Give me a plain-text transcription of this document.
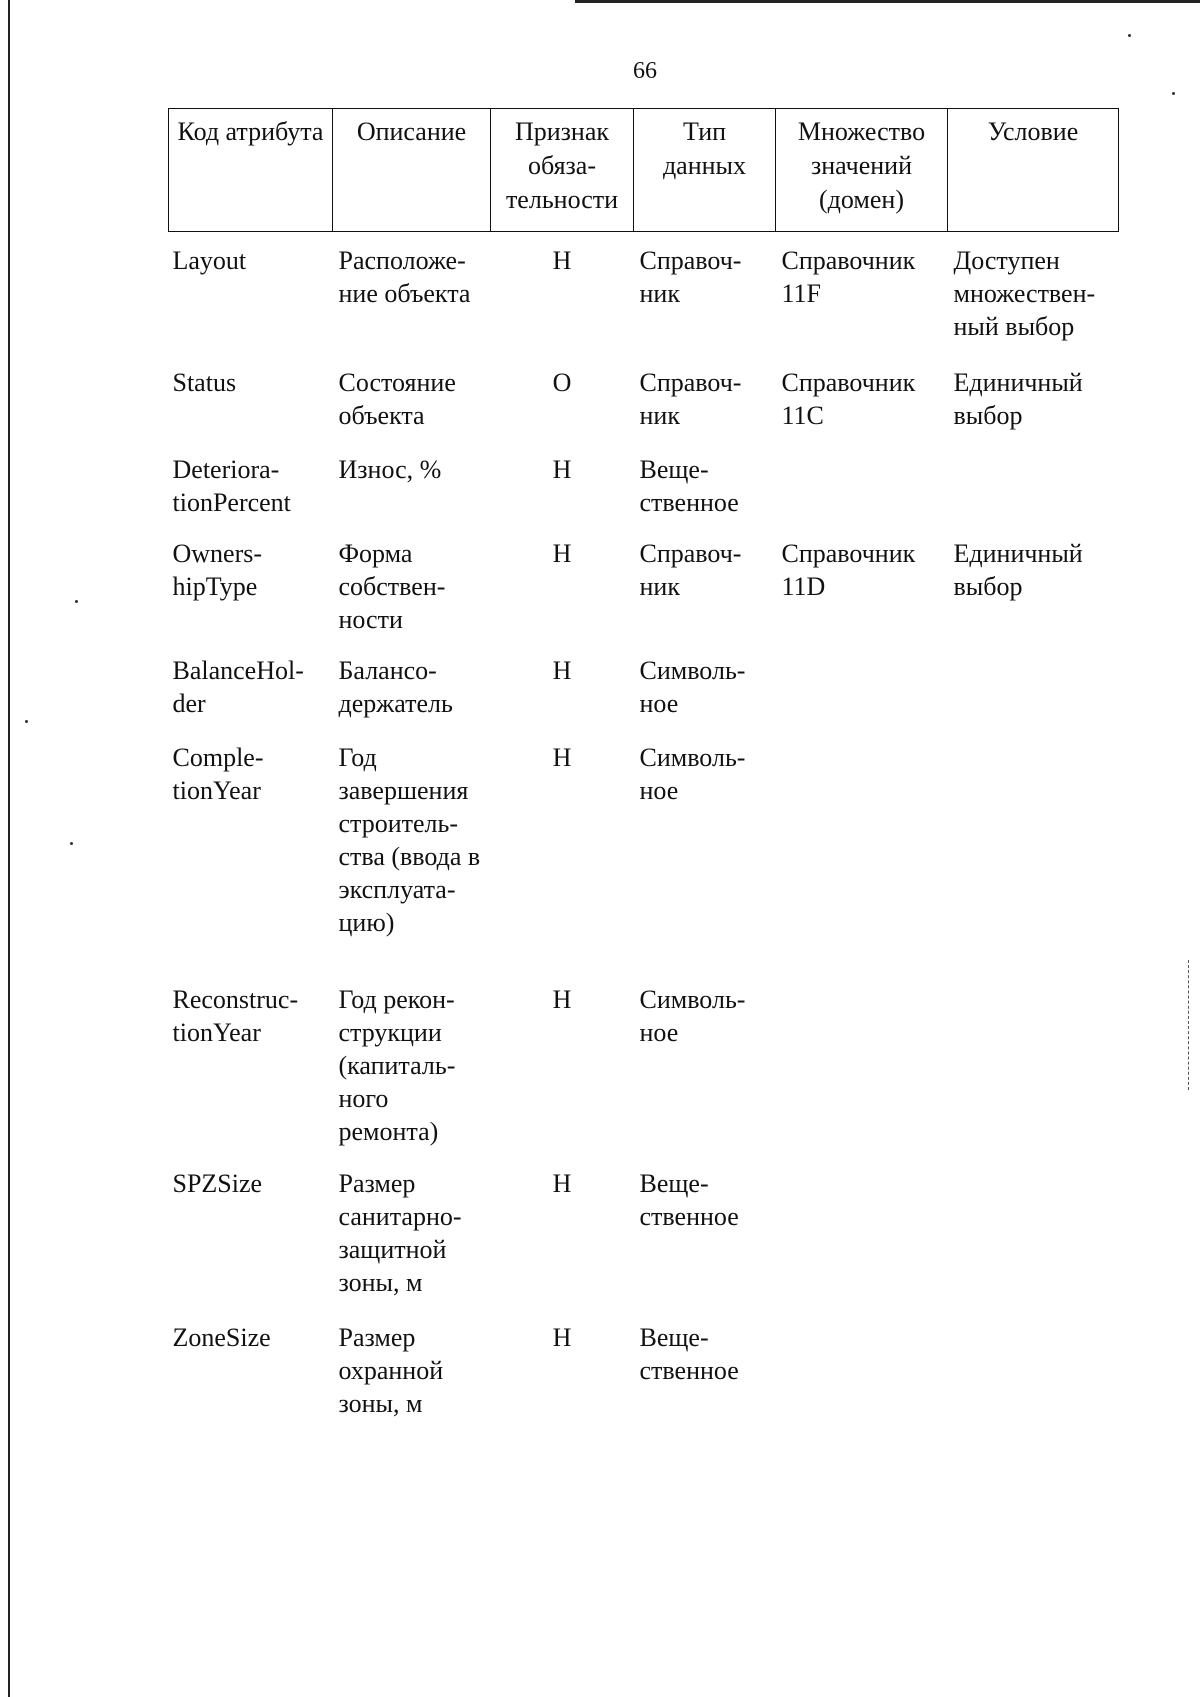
66
Код атрибута	Описание	Признак обяза-тельности	Тип данных	Множество значений (домен)	Условие
Layout	Расположе-ние объекта	Н	Справоч-ник	Справочник 11F	Доступен множествен-ный выбор
Status	Состояние объекта	О	Справоч-ник	Справочник 11C	Единичный выбор
Deteriora-tionPercent	Износ, %	Н	Веще-ственное		
Owners-hipType	Форма собствен-ности	Н	Справоч-ник	Справочник 11D	Единичный выбор
BalanceHol-der	Балансо-держатель	Н	Символь-ное		
Comple-tionYear	Год завершения строитель-ства (ввода в эксплуата-цию)	Н	Символь-ное		
Reconstruc-tionYear	Год рекон-струкции (капиталь-ного ремонта)	Н	Символь-ное		
SPZSize	Размер санитарно-защитной зоны, м	Н	Веще-ственное		
ZoneSize	Размер охранной зоны, м	Н	Веще-ственное		
